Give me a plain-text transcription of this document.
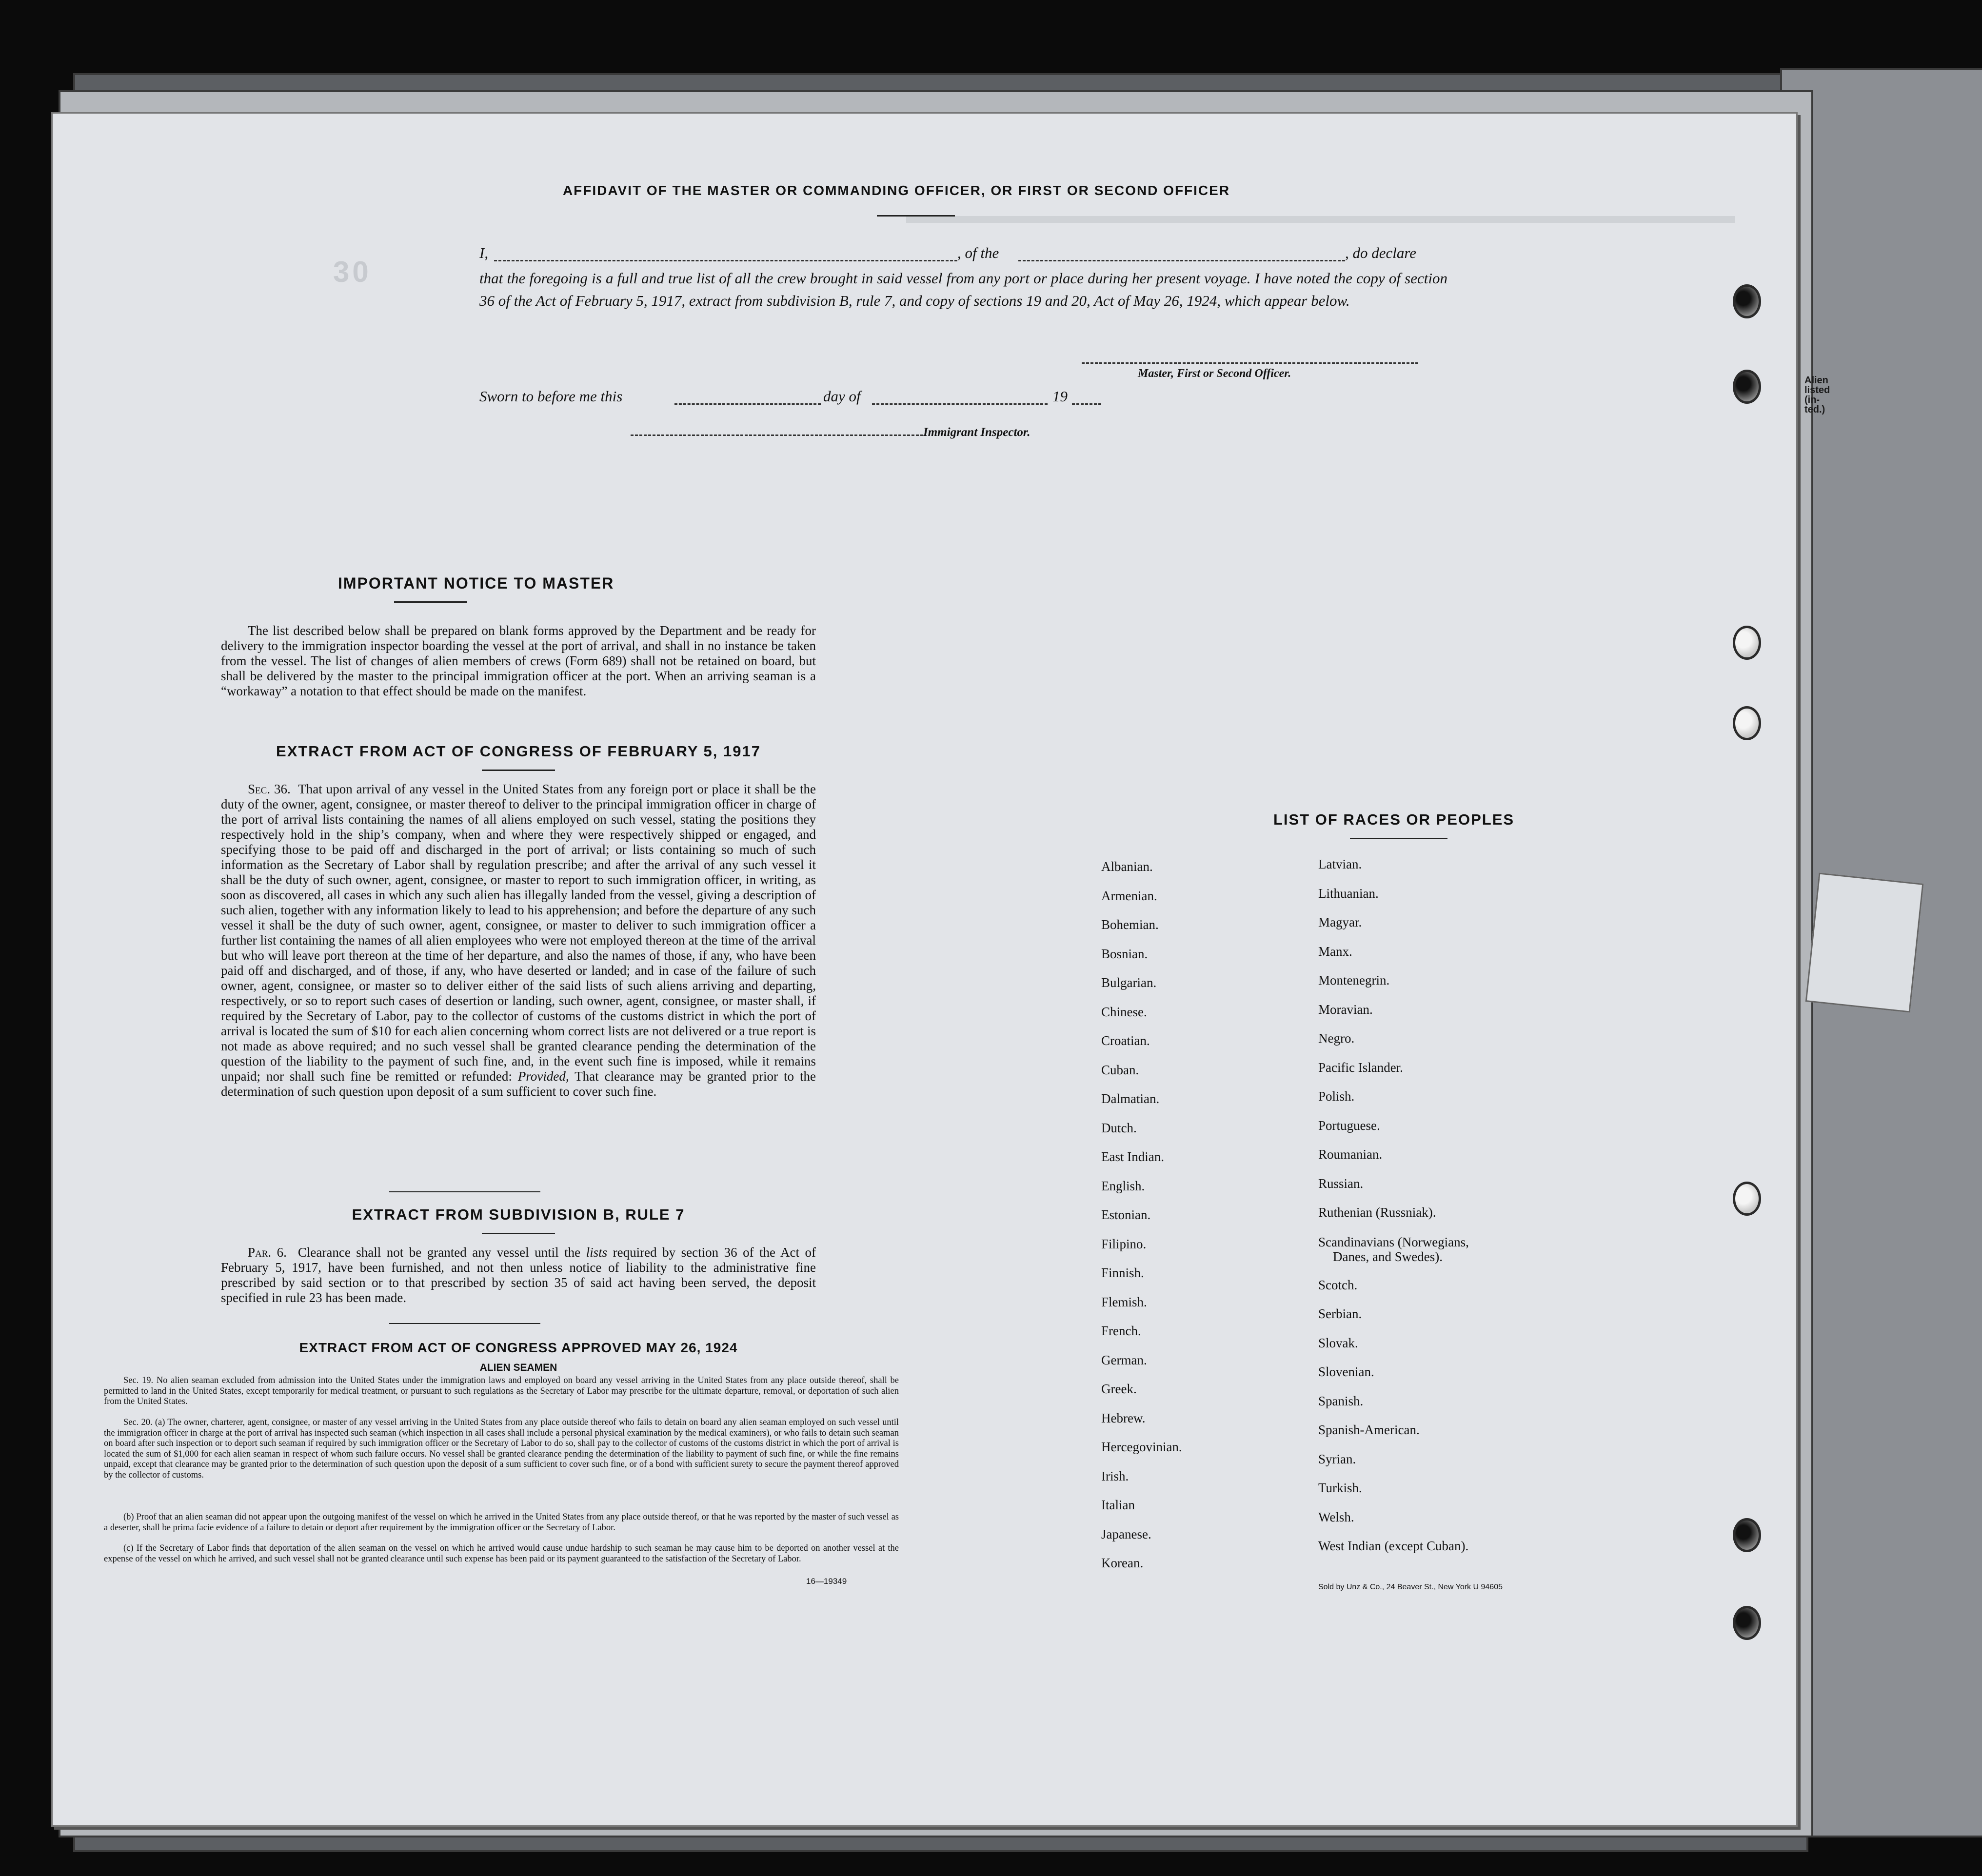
30
AFFIDAVIT OF THE MASTER OR COMMANDING OFFICER, OR FIRST OR SECOND OFFICER
I,	, of the	, do declare
that the foregoing is a full and true list of all the crew brought in said vessel from any port or place during her present voyage. I have noted the copy of section 36 of the Act of February 5, 1917, extract from subdivision B, rule 7, and copy of sections 19 and 20, Act of May 26, 1924, which appear below.
Master, First or Second Officer.
Sworn to before me this	day of	19
Immigrant Inspector.
IMPORTANT NOTICE TO MASTER
The list described below shall be prepared on blank forms approved by the Department and be ready for delivery to the immigration inspector boarding the vessel at the port of arrival, and shall in no instance be taken from the vessel. The list of changes of alien members of crews (Form 689) shall not be retained on board, but shall be delivered by the master to the principal immigration officer at the port. When an arriving seaman is a “workaway” a notation to that effect should be made on the manifest.
EXTRACT FROM ACT OF CONGRESS OF FEBRUARY 5, 1917
Sec. 36. That upon arrival of any vessel in the United States from any foreign port or place it shall be the duty of the owner, agent, consignee, or master thereof to deliver to the principal immigration officer in charge of the port of arrival lists containing the names of all aliens employed on such vessel, stating the positions they respectively hold in the ship’s company, when and where they were respectively shipped or engaged, and specifying those to be paid off and discharged in the port of arrival; or lists containing so much of such information as the Secretary of Labor shall by regulation prescribe; and after the arrival of any such vessel it shall be the duty of such owner, agent, consignee, or master to report to such immigration officer, in writing, as soon as discovered, all cases in which any such alien has illegally landed from the vessel, giving a description of such alien, together with any information likely to lead to his apprehension; and before the departure of any such vessel it shall be the duty of such owner, agent, consignee, or master to deliver to such immigration officer a further list containing the names of all alien employees who were not employed thereon at the time of the arrival but who will leave port thereon at the time of her departure, and also the names of those, if any, who have been paid off and discharged, and of those, if any, who have deserted or landed; and in case of the failure of such owner, agent, consignee, or master so to deliver either of the said lists of such aliens arriving and departing, respectively, or so to report such cases of desertion or landing, such owner, agent, consignee, or master shall, if required by the Secretary of Labor, pay to the collector of customs of the customs district in which the port of arrival is located the sum of $10 for each alien concerning whom correct lists are not delivered or a true report is not made as above required; and no such vessel shall be granted clearance pending the determination of the question of the liability to the payment of such fine, and, in the event such fine is imposed, while it remains unpaid; nor shall such fine be remitted or refunded: Provided, That clearance may be granted prior to the determination of such question upon deposit of a sum sufficient to cover such fine.
EXTRACT FROM SUBDIVISION B, RULE 7
Par. 6. Clearance shall not be granted any vessel until the lists required by section 36 of the Act of February 5, 1917, have been furnished, and not then unless notice of liability to the administrative fine prescribed by said section or to that prescribed by section 35 of said act having been served, the deposit specified in rule 23 has been made.
EXTRACT FROM ACT OF CONGRESS APPROVED MAY 26, 1924
ALIEN SEAMEN
Sec. 19. No alien seaman excluded from admission into the United States under the immigration laws and employed on board any vessel arriving in the United States from any place outside thereof, shall be permitted to land in the United States, except temporarily for medical treatment, or pursuant to such regulations as the Secretary of Labor may prescribe for the ultimate departure, removal, or deportation of such alien from the United States.
Sec. 20. (a) The owner, charterer, agent, consignee, or master of any vessel arriving in the United States from any place outside thereof who fails to detain on board any alien seaman employed on such vessel until the immigration officer in charge at the port of arrival has inspected such seaman (which inspection in all cases shall include a personal physical examination by the medical examiners), or who fails to detain such seaman on board after such inspection or to deport such seaman if required by such immigration officer or the Secretary of Labor to do so, shall pay to the collector of customs of the customs district in which the port of arrival is located the sum of $1,000 for each alien seaman in respect of whom such failure occurs. No vessel shall be granted clearance pending the determination of the liability to payment of such fine, or while the fine remains unpaid, except that clearance may be granted prior to the determination of such question upon the deposit of a sum sufficient to cover such fine, or of a bond with sufficient surety to secure the payment thereof approved by the collector of customs.
(b) Proof that an alien seaman did not appear upon the outgoing manifest of the vessel on which he arrived in the United States from any place outside thereof, or that he was reported by the master of such vessel as a deserter, shall be prima facie evidence of a failure to detain or deport after requirement by the immigration officer or the Secretary of Labor.
(c) If the Secretary of Labor finds that deportation of the alien seaman on the vessel on which he arrived would cause undue hardship to such seaman he may cause him to be deported on another vessel at the expense of the vessel on which he arrived, and such vessel shall not be granted clearance until such expense has been paid or its payment guaranteed to the satisfaction of the Secretary of Labor.
16—19349
LIST OF RACES OR PEOPLES
Albanian.
Armenian.
Bohemian.
Bosnian.
Bulgarian.
Chinese.
Croatian.
Cuban.
Dalmatian.
Dutch.
East Indian.
English.
Estonian.
Filipino.
Finnish.
Flemish.
French.
German.
Greek.
Hebrew.
Hercegovinian.
Irish.
Italian
Japanese.
Korean.
Latvian.
Lithuanian.
Magyar.
Manx.
Montenegrin.
Moravian.
Negro.
Pacific Islander.
Polish.
Portuguese.
Roumanian.
Russian.
Ruthenian (Russniak).
Scandinavians (Norwegians,
Danes, and Swedes).
Scotch.
Serbian.
Slovak.
Slovenian.
Spanish.
Spanish-American.
Syrian.
Turkish.
Welsh.
West Indian (except Cuban).
Sold by Unz & Co., 24 Beaver St., New York U 94605
Alien
listed
(in-
ted.)
